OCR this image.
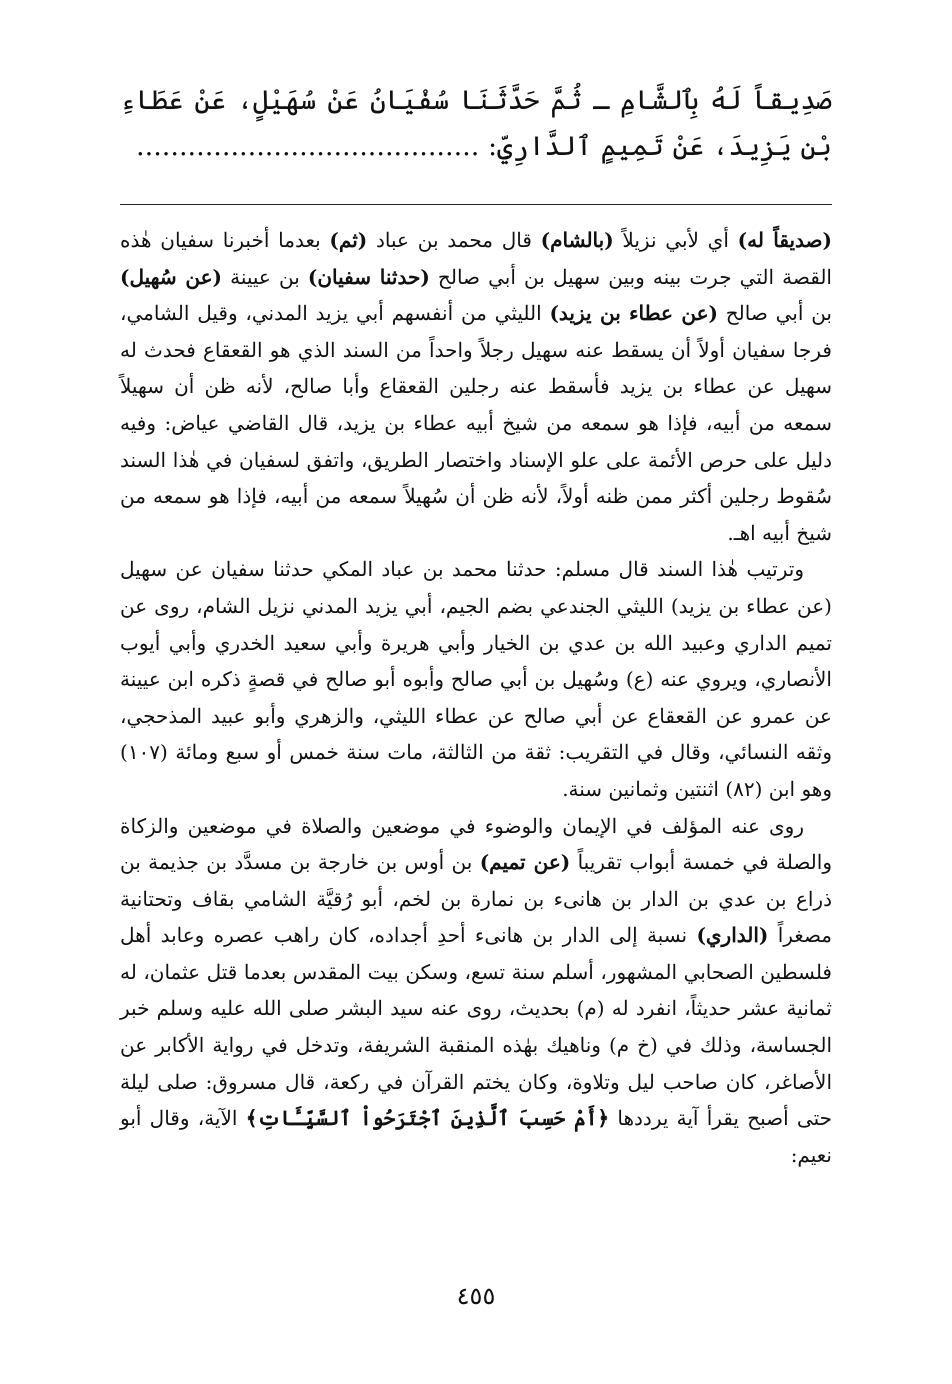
صَدِيقاً لَهُ بِٱلشَّامِ ـ ثُمَّ حَدَّثَنَا سُفْيَانُ عَنْ سُهَيْلٍ، عَنْ عَطَاءِ بْنِ يَزِيدَ، عَنْ تَمِيمٍ ٱلدَّارِيِّ: ........................................

(صديقاً له) أي لأبي نزيلاً (بالشام) قال محمد بن عباد (ثم) بعدما أخبرنا سفيان هٰذه القصة التي جرت بينه وبين سهيل بن أبي صالح (حدثنا سفيان) بن عيينة (عن سُهيل) بن أبي صالح (عن عطاء بن يزيد) الليثي من أنفسهم أبي يزيد المدني، وقيل الشامي، فرجا سفيان أولاً أن يسقط عنه سهيل رجلاً واحداً من السند الذي هو القعقاع فحدث له سهيل عن عطاء بن يزيد فأسقط عنه رجلين القعقاع وأبا صالح، لأنه ظن أن سهيلاً سمعه من أبيه، فإذا هو سمعه من شيخ أبيه عطاء بن يزيد، قال القاضي عياض: وفيه دليل على حرص الأئمة على علو الإسناد واختصار الطريق، واتفق لسفيان في هٰذا السند سُقوط رجلين أكثر ممن ظنه أولاً، لأنه ظن أن سُهيلاً سمعه من أبيه، فإذا هو سمعه من شيخ أبيه اهـ.

وترتيب هٰذا السند قال مسلم: حدثنا محمد بن عباد المكي حدثنا سفيان عن سهيل (عن عطاء بن يزيد) الليثي الجندعي بضم الجيم، أبي يزيد المدني نزيل الشام، روى عن تميم الداري وعبيد الله بن عدي بن الخيار وأبي هريرة وأبي سعيد الخدري وأبي أيوب الأنصاري، ويروي عنه (ع) وسُهيل بن أبي صالح وأبوه أبو صالح في قصةٍ ذكره ابن عيينة عن عمرو عن القعقاع عن أبي صالح عن عطاء الليثي، والزهري وأبو عبيد المذحجي، وثقه النسائي، وقال في التقريب: ثقة من الثالثة، مات سنة خمس أو سبع ومائة (١٠٧) وهو ابن (٨٢) اثنتين وثمانين سنة.

روى عنه المؤلف في الإيمان والوضوء في موضعين والصلاة في موضعين والزكاة والصلة في خمسة أبواب تقريباً (عن تميم) بن أوس بن خارجة بن مسدَّد بن جذيمة بن ذراع بن عدي بن الدار بن هانىء بن نمارة بن لخم، أبو رُقيَّة الشامي بقاف وتحتانية مصغراً (الداري) نسبة إلى الدار بن هانىء أحدِ أجداده، كان راهب عصره وعابد أهل فلسطين الصحابي المشهور، أسلم سنة تسع، وسكن بيت المقدس بعدما قتل عثمان، له ثمانية عشر حديثاً، انفرد له (م) بحديث، روى عنه سيد البشر صلى الله عليه وسلم خبر الجساسة، وذلك في (خ م) وناهيك بهٰذه المنقبة الشريفة، وتدخل في رواية الأكابر عن الأصاغر، كان صاحب ليل وتلاوة، وكان يختم القرآن في ركعة، قال مسروق: صلى ليلة حتى أصبح يقرأ آية يرددها ﴿أَمْ حَسِبَ ٱلَّذِينَ ٱجْتَرَحُواْ ٱلسَّيِّـَٔاتِ﴾ الآية، وقال أبو نعيم:

٤٥٥
